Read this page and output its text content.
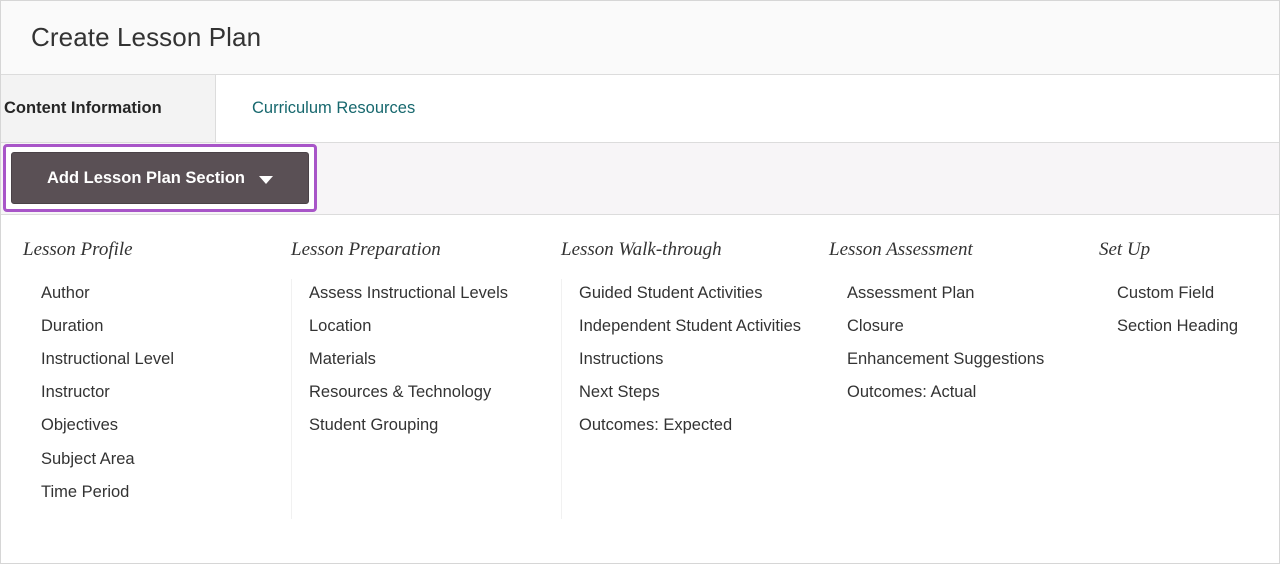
Create Lesson Plan
Content Information	Curriculum Resources
Add Lesson Plan Section
Lesson Profile
Author
Duration
Instructional Level
Instructor
Objectives
Subject Area
Time Period
Lesson Preparation
Assess Instructional Levels
Location
Materials
Resources & Technology
Student Grouping
Lesson Walk-through
Guided Student Activities
Independent Student Activities
Instructions
Next Steps
Outcomes: Expected
Lesson Assessment
Assessment Plan
Closure
Enhancement Suggestions
Outcomes: Actual
Set Up
Custom Field
Section Heading
